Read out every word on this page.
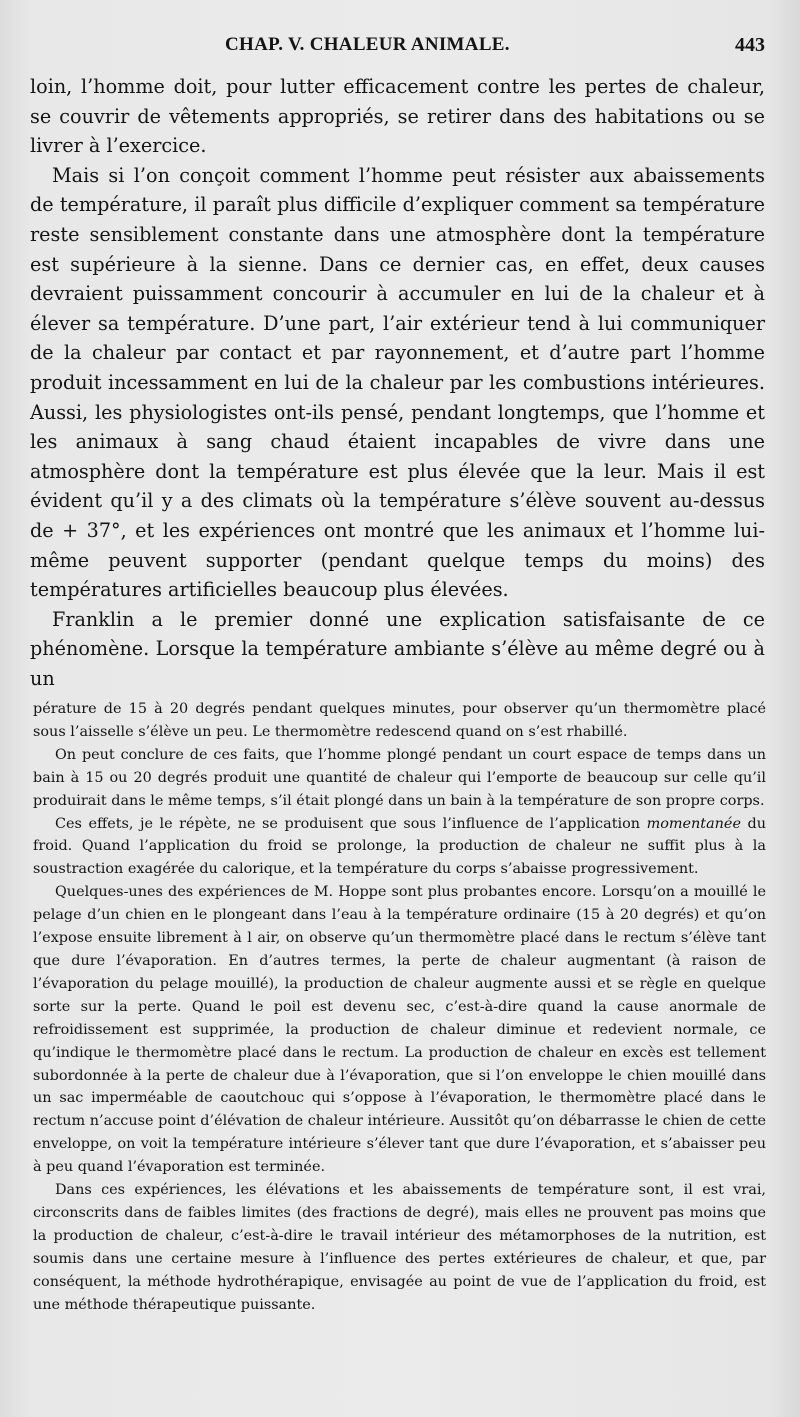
CHAP. V. CHALEUR ANIMALE.	443

loin, l’homme doit, pour lutter efficacement contre les pertes de chaleur, se couvrir de vêtements appropriés, se retirer dans des habitations ou se livrer à l’exercice.

Mais si l’on conçoit comment l’homme peut résister aux abaissements de température, il paraît plus difficile d’expliquer comment sa température reste sensiblement constante dans une atmosphère dont la température est supérieure à la sienne. Dans ce dernier cas, en effet, deux causes devraient puissamment concourir à accumuler en lui de la chaleur et à élever sa température. D’une part, l’air extérieur tend à lui communiquer de la chaleur par contact et par rayonnement, et d’autre part l’homme produit incessamment en lui de la chaleur par les combustions intérieures. Aussi, les physiologistes ont-ils pensé, pendant longtemps, que l’homme et les animaux à sang chaud étaient incapables de vivre dans une atmosphère dont la température est plus élevée que la leur. Mais il est évident qu’il y a des climats où la température s’élève souvent au-dessus de + 37°, et les expériences ont montré que les animaux et l’homme lui-même peuvent supporter (pendant quelque temps du moins) des températures artificielles beaucoup plus élevées.

Franklin a le premier donné une explication satisfaisante de ce phénomène. Lorsque la température ambiante s’élève au même degré ou à un

pérature de 15 à 20 degrés pendant quelques minutes, pour observer qu’un thermomètre placé sous l’aisselle s’élève un peu. Le thermomètre redescend quand on s’est rhabillé.

On peut conclure de ces faits, que l’homme plongé pendant un court espace de temps dans un bain à 15 ou 20 degrés produit une quantité de chaleur qui l’emporte de beaucoup sur celle qu’il produirait dans le même temps, s’il était plongé dans un bain à la température de son propre corps.

Ces effets, je le répète, ne se produisent que sous l’influence de l’application momentanée du froid. Quand l’application du froid se prolonge, la production de chaleur ne suffit plus à la soustraction exagérée du calorique, et la température du corps s’abaisse progressivement.

Quelques-unes des expériences de M. Hoppe sont plus probantes encore. Lorsqu’on a mouillé le pelage d’un chien en le plongeant dans l’eau à la température ordinaire (15 à 20 degrés) et qu’on l’expose ensuite librement à l air, on observe qu’un thermomètre placé dans le rectum s’élève tant que dure l’évaporation. En d’autres termes, la perte de chaleur augmentant (à raison de l’évaporation du pelage mouillé), la production de chaleur augmente aussi et se règle en quelque sorte sur la perte. Quand le poil est devenu sec, c’est-à-dire quand la cause anormale de refroidissement est supprimée, la production de chaleur diminue et redevient normale, ce qu’indique le thermomètre placé dans le rectum. La production de chaleur en excès est tellement subordonnée à la perte de chaleur due à l’évaporation, que si l’on enveloppe le chien mouillé dans un sac imperméable de caoutchouc qui s’oppose à l’évaporation, le thermomètre placé dans le rectum n’accuse point d’élévation de chaleur intérieure. Aussitôt qu’on débarrasse le chien de cette enveloppe, on voit la température intérieure s’élever tant que dure l’évaporation, et s’abaisser peu à peu quand l’évaporation est terminée.

Dans ces expériences, les élévations et les abaissements de température sont, il est vrai, circonscrits dans de faibles limites (des fractions de degré), mais elles ne prouvent pas moins que la production de chaleur, c’est-à-dire le travail intérieur des métamorphoses de la nutrition, est soumis dans une certaine mesure à l’influence des pertes extérieures de chaleur, et que, par conséquent, la méthode hydrothérapique, envisagée au point de vue de l’application du froid, est une méthode thérapeutique puissante.
